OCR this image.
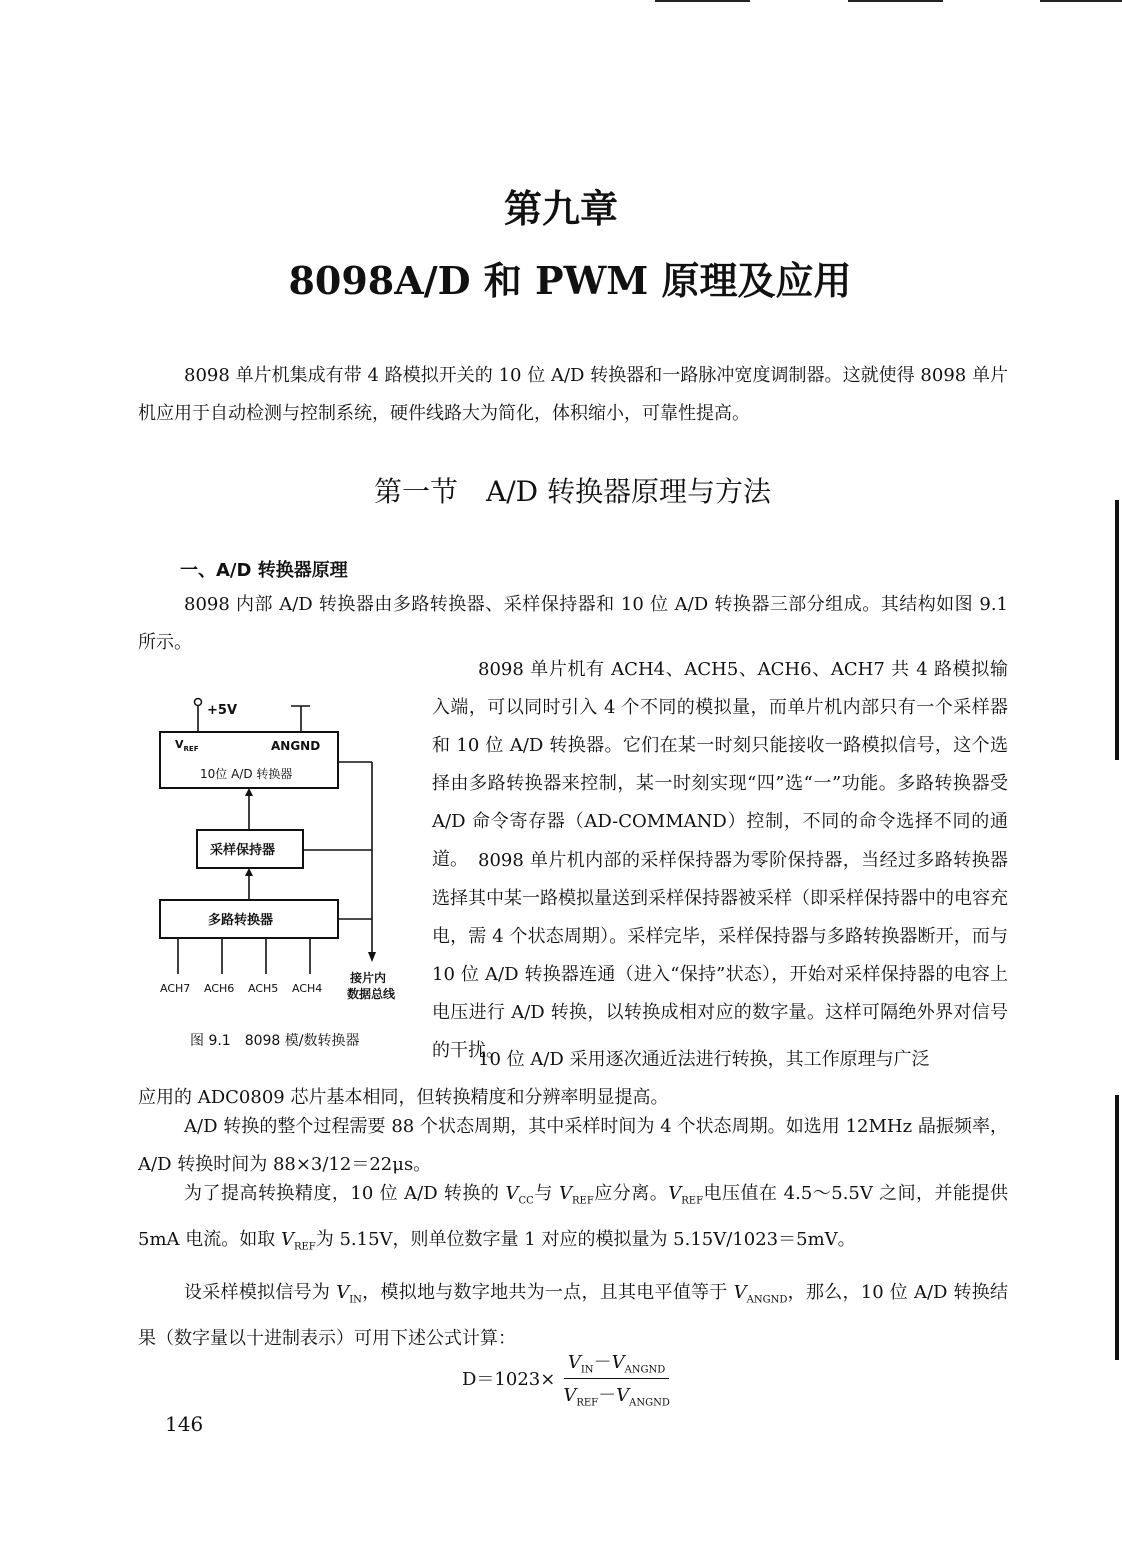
第九章
8098A/D 和 PWM 原理及应用
8098 单片机集成有带 4 路模拟开关的 10 位 A/D 转换器和一路脉冲宽度调制器。这就使得 8098 单片机应用于自动检测与控制系统，硬件线路大为简化，体积缩小，可靠性提高。
第一节　A/D 转换器原理与方法
一、A/D 转换器原理
8098 内部 A/D 转换器由多路转换器、采样保持器和 10 位 A/D 转换器三部分组成。其结构如图 9.1 所示。
+5V
$V_{REF}$	ANGND
10位 A/D 转换器
采样保持器
多路转换器
ACH7 ACH6 ACH5 ACH4
接片内
数据总线
图 9.1　8098 模/数转换器
8098 单片机有 ACH4、ACH5、ACH6、ACH7 共 4 路模拟输入端，可以同时引入 4 个不同的模拟量，而单片机内部只有一个采样器和 10 位 A/D 转换器。它们在某一时刻只能接收一路模拟信号，这个选择由多路转换器来控制，某一时刻实现“四”选“一”功能。多路转换器受 A/D 命令寄存器（AD-COMMAND）控制，不同的命令选择不同的通道。 8098 单片机内部的采样保持器为零阶保持器，当经过多路转换器选择其中某一路模拟量送到采样保持器被采样（即采样保持器中的电容充电，需 4 个状态周期）。采样完毕，采样保持器与多路转换器断开，而与 10 位 A/D 转换器连通（进入“保持”状态），开始对采样保持器的电容上电压进行 A/D 转换，以转换成相对应的数字量。这样可隔绝外界对信号的干扰。
10 位 A/D 采用逐次通近法进行转换，其工作原理与广泛
应用的 ADC0809 芯片基本相同，但转换精度和分辨率明显提高。
A/D 转换的整个过程需要 88 个状态周期，其中采样时间为 4 个状态周期。如选用 12MHz 晶振频率，A/D 转换时间为 88×3/12＝22μs。
为了提高转换精度，10 位 A/D 转换的 $V_{CC}$与 $V_{REF}$应分离。$V_{REF}$电压值在 4.5～5.5V 之间，并能提供 5mA 电流。如取 $V_{REF}$为 5.15V，则单位数字量 1 对应的模拟量为 5.15V/1023＝5mV。
设采样模拟信号为 $V_{IN}$，模拟地与数字地共为一点，且其电平值等于 $V_{ANGND}$，那么，10 位 A/D 转换结果（数字量以十进制表示）可用下述公式计算：
$D=1023\times \frac{V_{IN}-V_{ANGND}}{V_{REF}-V_{ANGND}}$
146
